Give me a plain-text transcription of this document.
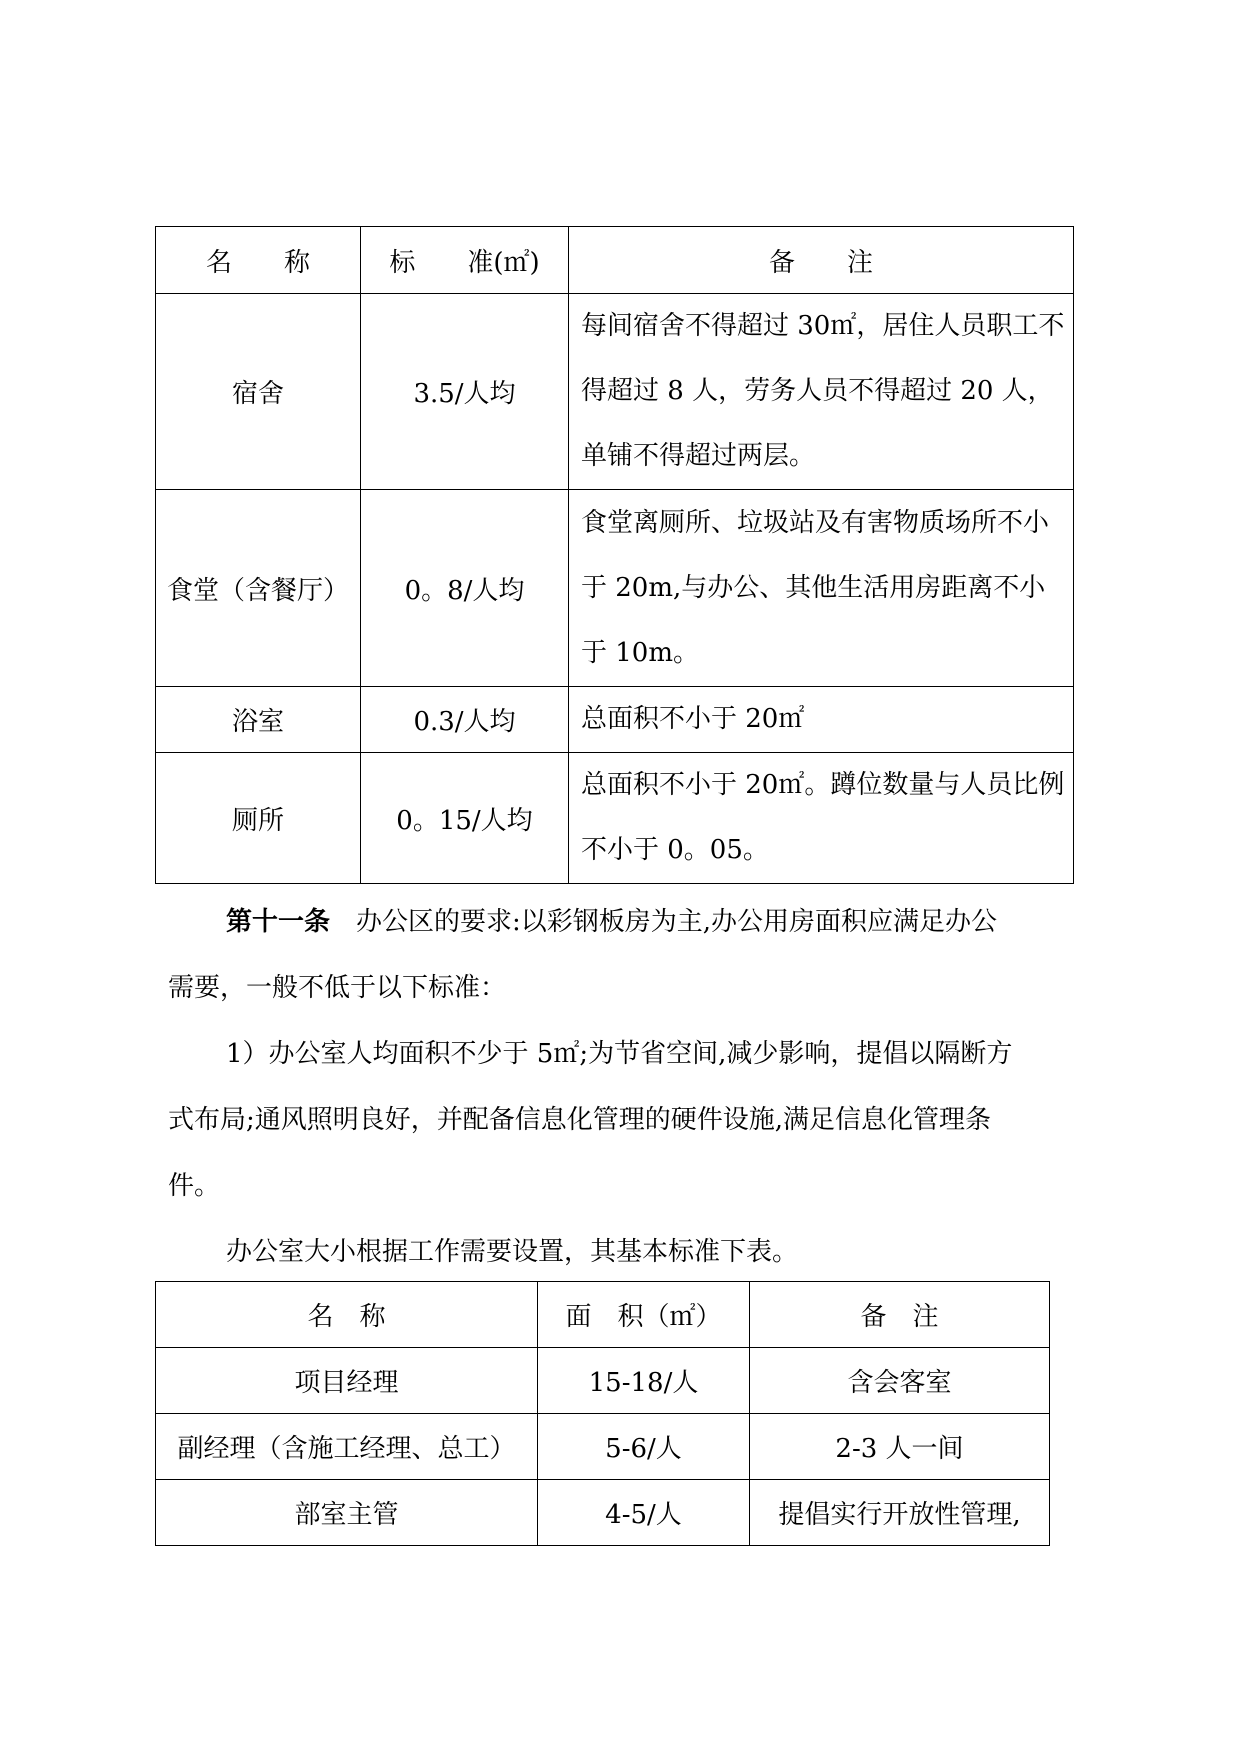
名　　称	标　　准(㎡)	备　　注
宿舍	3.5/人均	每间宿舍不得超过 30㎡，居住人员职工不得超过 8 人，劳务人员不得超过 20 人，单铺不得超过两层。
食堂（含餐厅）	0。8/人均	食堂离厕所、垃圾站及有害物质场所不小于 20m,与办公、其他生活用房距离不小于 10m。
浴室	0.3/人均	总面积不小于 20㎡
厕所	0。15/人均	总面积不小于 20㎡。蹲位数量与人员比例不小于 0。05。

第十一条　 办公区的要求:以彩钢板房为主,办公用房面积应满足办公

需要，一般不低于以下标准：

1）办公室人均面积不少于 5㎡;为节省空间,减少影响，提倡以隔断方

式布局;通风照明良好，并配备信息化管理的硬件设施,满足信息化管理条

件。

办公室大小根据工作需要设置，其基本标准下表。

名　称	面　积（㎡）	备　注
项目经理	15-18/人	含会客室
副经理（含施工经理、总工）	5-6/人	2-3 人一间
部室主管	4-5/人	提倡实行开放性管理,
